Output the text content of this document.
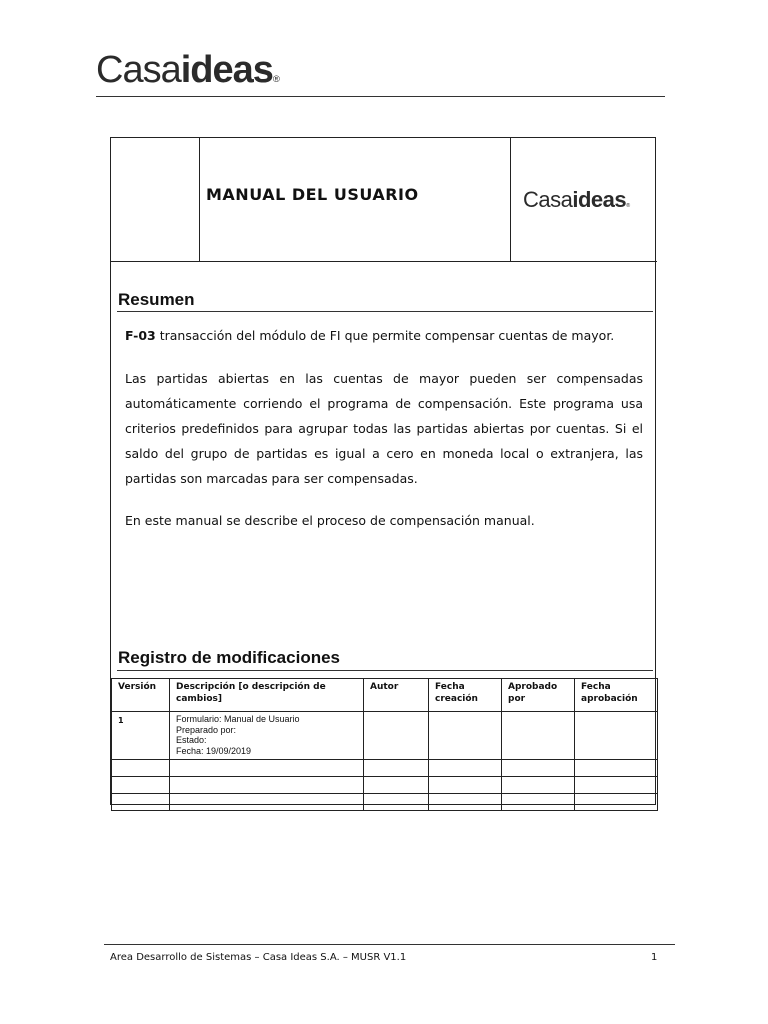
Casaideas®
MANUAL DEL USUARIO	Casaideas®
Resumen
F-03 transacción del módulo de FI que permite compensar cuentas de mayor.
Las partidas abiertas en las cuentas de mayor pueden ser compensadas automáticamente corriendo el programa de compensación. Este programa usa criterios predefinidos para agrupar todas las partidas abiertas por cuentas. Si el saldo del grupo de partidas es igual a cero en moneda local o extranjera, las partidas son marcadas para ser compensadas.
En este manual se describe el proceso de compensación manual.
Registro de modificaciones
Versión	Descripción [o descripción de cambios]	Autor	Fecha creación	Aprobado por	Fecha aprobación
1	Formulario: Manual de Usuario
Preparado por:
Estado:
Fecha: 19/09/2019				

Area Desarrollo de Sistemas – Casa Ideas S.A. – MUSR V1.1	1
